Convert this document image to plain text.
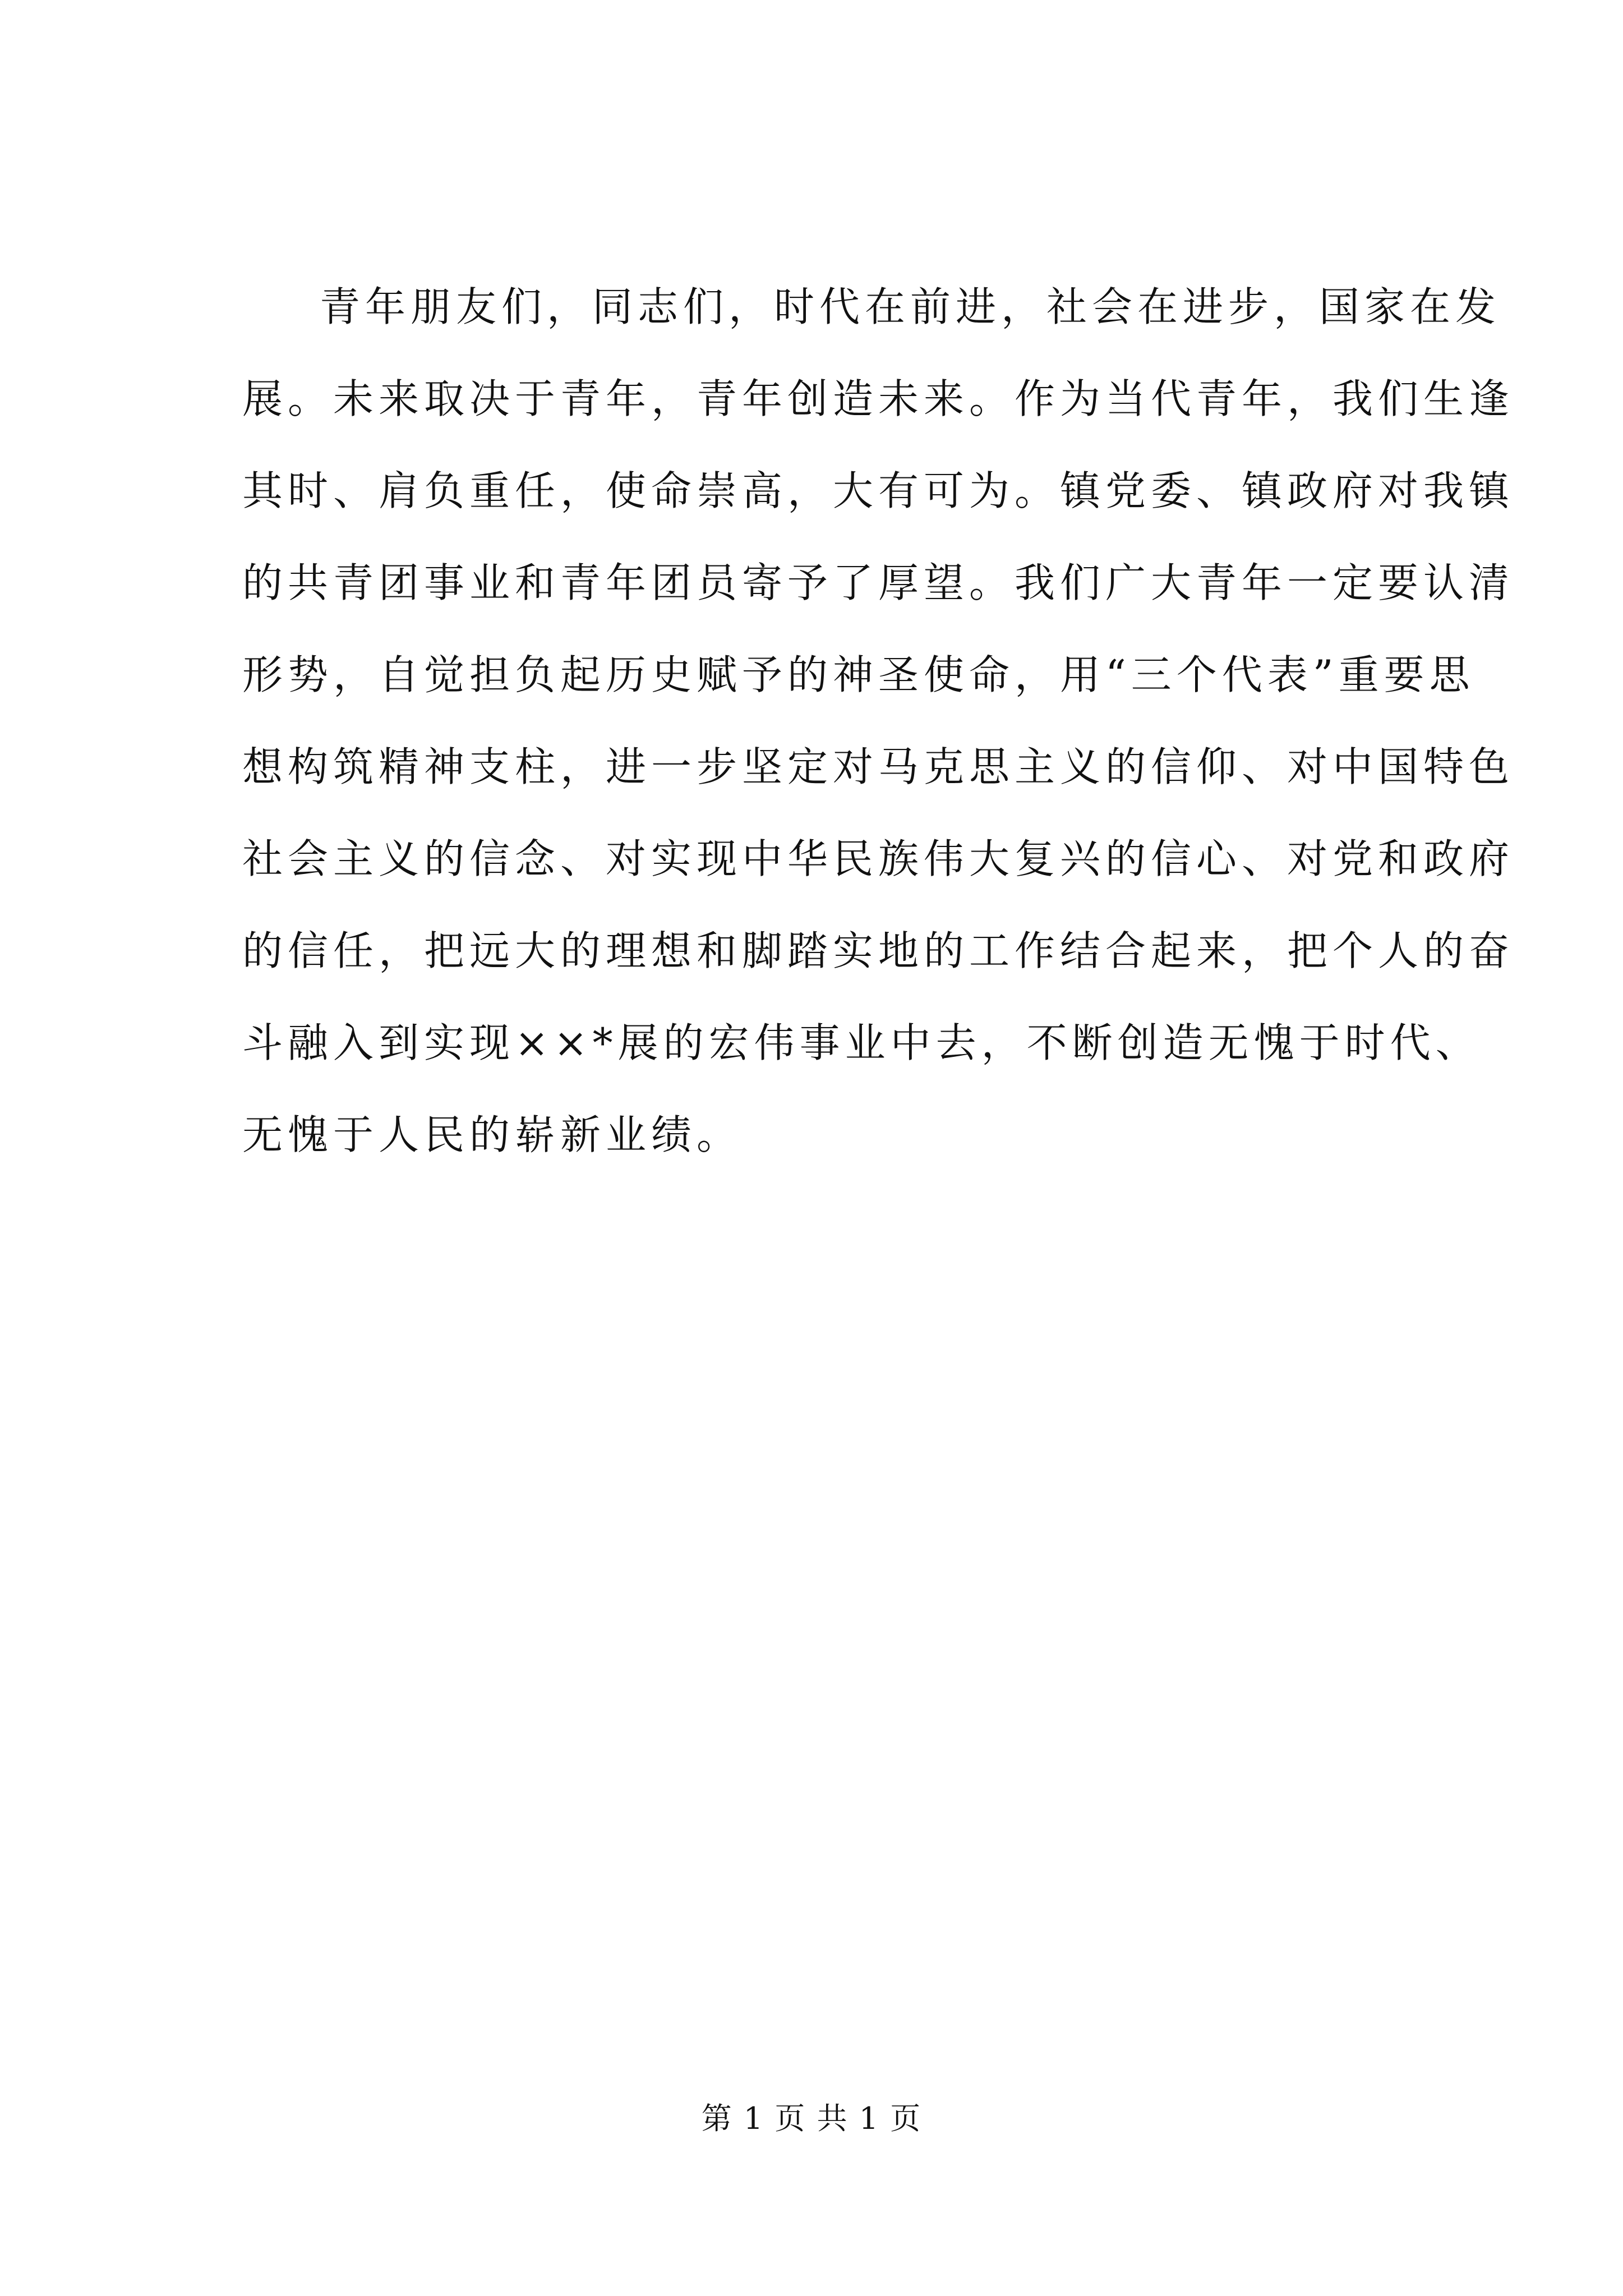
青年朋友们，同志们，时代在前进，社会在进步，国家在发
展。未来取决于青年，青年创造未来。作为当代青年，我们生逢
其时、肩负重任，使命崇高，大有可为。镇党委、镇政府对我镇
的共青团事业和青年团员寄予了厚望。我们广大青年一定要认清
形势，自觉担负起历史赋予的神圣使命，用“三个代表”重要思
想构筑精神支柱，进一步坚定对马克思主义的信仰、对中国特色
社会主义的信念、对实现中华民族伟大复兴的信心、对党和政府
的信任，把远大的理想和脚踏实地的工作结合起来，把个人的奋
斗融入到实现××*展的宏伟事业中去，不断创造无愧于时代、
无愧于人民的崭新业绩。
第 1 页 共 1 页
